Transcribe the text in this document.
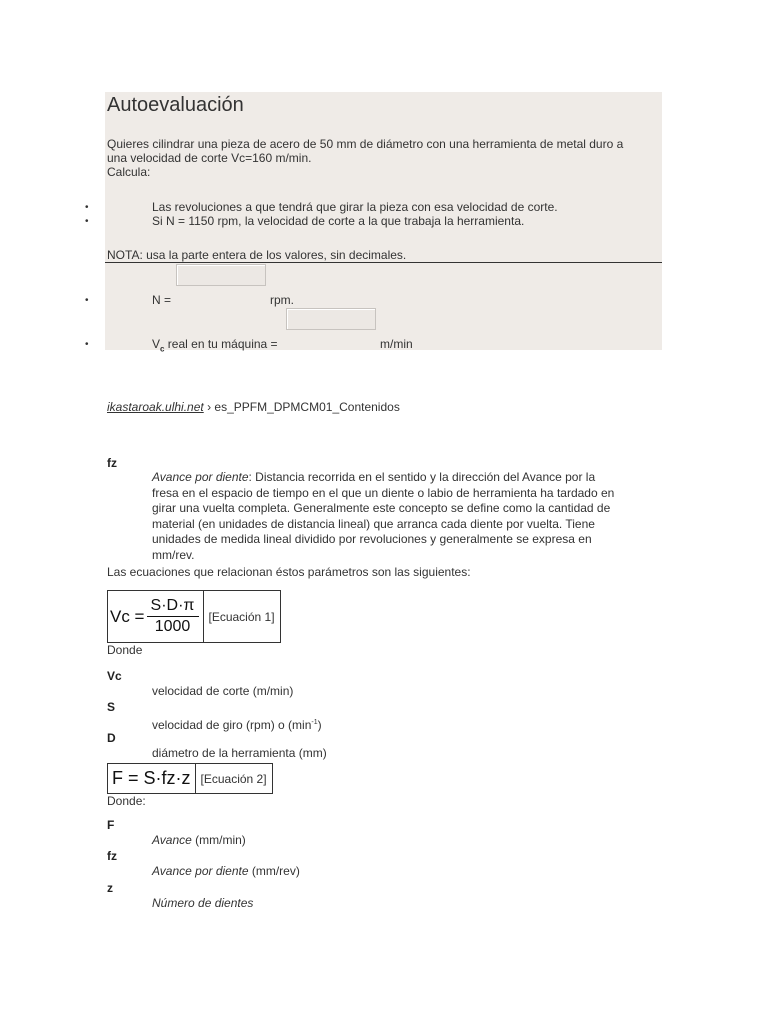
Autoevaluación
Quieres cilindrar una pieza de acero de 50 mm de diámetro con una herramienta de metal duro a
una velocidad de corte Vc=160 m/min.
Calcula:
•	Las revoluciones a que tendrá que girar la pieza con esa velocidad de corte.
•	Si N = 1150 rpm, la velocidad de corte a la que trabaja la herramienta.
NOTA: usa la parte entera de los valores, sin decimales.
•	N =	rpm.
•	$V_c$ real en tu máquina =	m/min
ikastaroak.ulhi.net › es_PPFM_DPMCM01_Contenidos
fz
Avance por diente: Distancia recorrida en el sentido y la dirección del Avance por la
fresa en el espacio de tiempo en el que un diente o labio de herramienta ha tardado en
girar una vuelta completa. Generalmente este concepto se define como la cantidad de
material (en unidades de distancia lineal) que arranca cada diente por vuelta. Tiene
unidades de medida lineal dividido por revoluciones y generalmente se expresa en
mm/rev.
Las ecuaciones que relacionan éstos parámetros son las siguientes:
$Vc = \frac{S\cdot D\cdot\pi}{1000}$ [Ecuación 1]
Donde
Vc
velocidad de corte (m/min)
S
velocidad de giro (rpm) o $(\min^{-1})$
D
diámetro de la herramienta (mm)
F = S·fz·z [Ecuación 2]
Donde:
F
Avance (mm/min)
fz
Avance por diente (mm/rev)
z
Número de dientes
